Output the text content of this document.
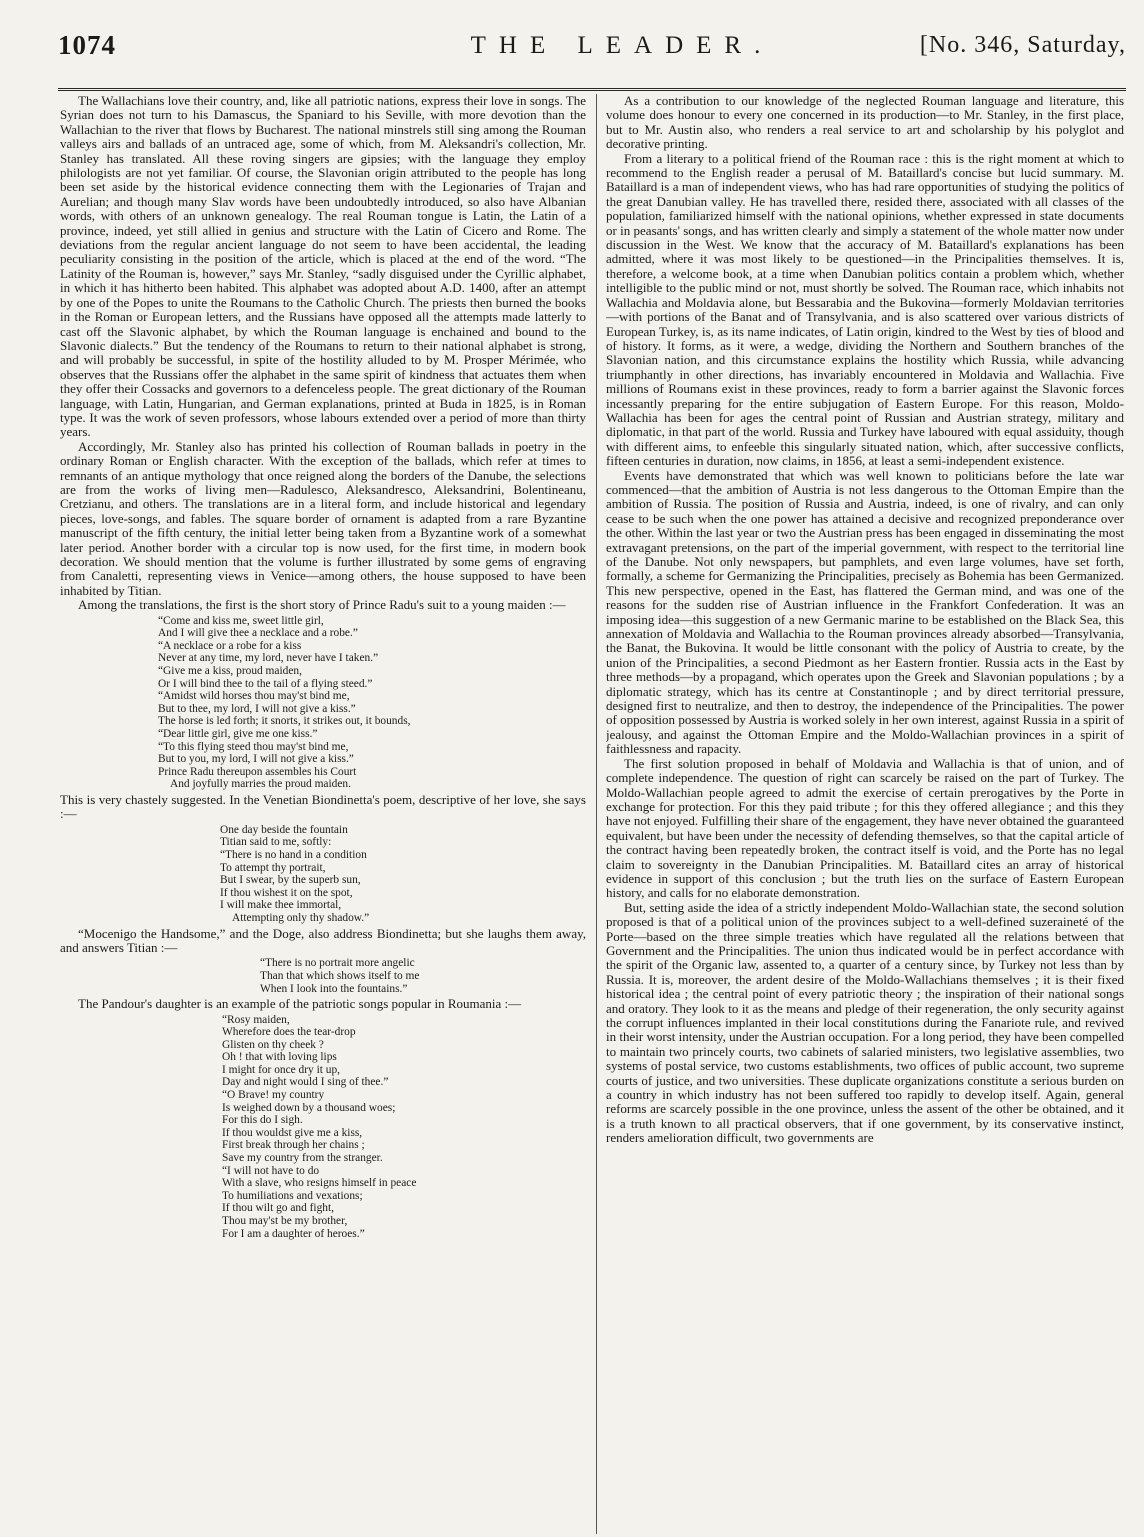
1074	THE LEADER.	[No. 346, Saturday,

The Wallachians love their country, and, like all patriotic nations, express their love in songs. The Syrian does not turn to his Damascus, the Spaniard to his Seville, with more devotion than the Wallachian to the river that flows by Bucharest. The national minstrels still sing among the Rouman valleys airs and ballads of an untraced age, some of which, from M. Aleksandri's collection, Mr. Stanley has translated. All these roving singers are gipsies; with the language they employ philologists are not yet familiar. Of course, the Slavonian origin attributed to the people has long been set aside by the historical evidence connecting them with the Legionaries of Trajan and Aurelian; and though many Slav words have been undoubtedly introduced, so also have Albanian words, with others of an unknown genealogy. The real Rouman tongue is Latin, the Latin of a province, indeed, yet still allied in genius and structure with the Latin of Cicero and Rome. The deviations from the regular ancient language do not seem to have been accidental, the leading peculiarity consisting in the position of the article, which is placed at the end of the word. “The Latinity of the Rouman is, however,” says Mr. Stanley, “sadly disguised under the Cyrillic alphabet, in which it has hitherto been habited. This alphabet was adopted about A.D. 1400, after an attempt by one of the Popes to unite the Roumans to the Catholic Church. The priests then burned the books in the Roman or European letters, and the Russians have opposed all the attempts made latterly to cast off the Slavonic alphabet, by which the Rouman language is enchained and bound to the Slavonic dialects.” But the tendency of the Roumans to return to their national alphabet is strong, and will probably be successful, in spite of the hostility alluded to by M. Prosper Mérimée, who observes that the Russians offer the alphabet in the same spirit of kindness that actuates them when they offer their Cossacks and governors to a defenceless people. The great dictionary of the Rouman language, with Latin, Hungarian, and German explanations, printed at Buda in 1825, is in Roman type. It was the work of seven professors, whose labours extended over a period of more than thirty years.

Accordingly, Mr. Stanley also has printed his collection of Rouman ballads in poetry in the ordinary Roman or English character. With the exception of the ballads, which refer at times to remnants of an antique mythology that once reigned along the borders of the Danube, the selections are from the works of living men—Radulesco, Aleksandresco, Aleksandrini, Bolentineanu, Cretzianu, and others. The translations are in a literal form, and include historical and legendary pieces, love-songs, and fables. The square border of ornament is adapted from a rare Byzantine manuscript of the fifth century, the initial letter being taken from a Byzantine work of a somewhat later period. Another border with a circular top is now used, for the first time, in modern book decoration. We should mention that the volume is further illustrated by some gems of engraving from Canaletti, representing views in Venice—among others, the house supposed to have been inhabited by Titian.

Among the translations, the first is the short story of Prince Radu's suit to a young maiden :—

“Come and kiss me, sweet little girl,
And I will give thee a necklace and a robe.”
“A necklace or a robe for a kiss
Never at any time, my lord, never have I taken.”
“Give me a kiss, proud maiden,
Or I will bind thee to the tail of a flying steed.”
“Amidst wild horses thou may'st bind me,
But to thee, my lord, I will not give a kiss.”
The horse is led forth; it snorts, it strikes out, it bounds,
“Dear little girl, give me one kiss.”
“To this flying steed thou may'st bind me,
But to you, my lord, I will not give a kiss.”
Prince Radu thereupon assembles his Court
And joyfully marries the proud maiden.

This is very chastely suggested. In the Venetian Biondinetta's poem, descriptive of her love, she says :—

One day beside the fountain
Titian said to me, softly:
“There is no hand in a condition
To attempt thy portrait,
But I swear, by the superb sun,
If thou wishest it on the spot,
I will make thee immortal,
Attempting only thy shadow.”

“Mocenigo the Handsome,” and the Doge, also address Biondinetta; but she laughs them away, and answers Titian :—

“There is no portrait more angelic
Than that which shows itself to me
When I look into the fountains.”

The Pandour's daughter is an example of the patriotic songs popular in Roumania :—

“Rosy maiden,
Wherefore does the tear-drop
Glisten on thy cheek ?
Oh ! that with loving lips
I might for once dry it up,
Day and night would I sing of thee.”
“O Brave! my country
Is weighed down by a thousand woes;
For this do I sigh.
If thou wouldst give me a kiss,
First break through her chains ;
Save my country from the stranger.
“I will not have to do
With a slave, who resigns himself in peace
To humiliations and vexations;
If thou wilt go and fight,
Thou may'st be my brother,
For I am a daughter of heroes.”

As a contribution to our knowledge of the neglected Rouman language and literature, this volume does honour to every one concerned in its production—to Mr. Stanley, in the first place, but to Mr. Austin also, who renders a real service to art and scholarship by his polyglot and decorative printing.

From a literary to a political friend of the Rouman race : this is the right moment at which to recommend to the English reader a perusal of M. Bataillard's concise but lucid summary. M. Bataillard is a man of independent views, who has had rare opportunities of studying the politics of the great Danubian valley. He has travelled there, resided there, associated with all classes of the population, familiarized himself with the national opinions, whether expressed in state documents or in peasants' songs, and has written clearly and simply a statement of the whole matter now under discussion in the West. We know that the accuracy of M. Bataillard's explanations has been admitted, where it was most likely to be questioned—in the Principalities themselves. It is, therefore, a welcome book, at a time when Danubian politics contain a problem which, whether intelligible to the public mind or not, must shortly be solved. The Rouman race, which inhabits not Wallachia and Moldavia alone, but Bessarabia and the Bukovina—formerly Moldavian territories—with portions of the Banat and of Transylvania, and is also scattered over various districts of European Turkey, is, as its name indicates, of Latin origin, kindred to the West by ties of blood and of history. It forms, as it were, a wedge, dividing the Northern and Southern branches of the Slavonian nation, and this circumstance explains the hostility which Russia, while advancing triumphantly in other directions, has invariably encountered in Moldavia and Wallachia. Five millions of Roumans exist in these provinces, ready to form a barrier against the Slavonic forces incessantly preparing for the entire subjugation of Eastern Europe. For this reason, Moldo-Wallachia has been for ages the central point of Russian and Austrian strategy, military and diplomatic, in that part of the world. Russia and Turkey have laboured with equal assiduity, though with different aims, to enfeeble this singularly situated nation, which, after successive conflicts, fifteen centuries in duration, now claims, in 1856, at least a semi-independent existence.

Events have demonstrated that which was well known to politicians before the late war commenced—that the ambition of Austria is not less dangerous to the Ottoman Empire than the ambition of Russia. The position of Russia and Austria, indeed, is one of rivalry, and can only cease to be such when the one power has attained a decisive and recognized preponderance over the other. Within the last year or two the Austrian press has been engaged in disseminating the most extravagant pretensions, on the part of the imperial government, with respect to the territorial line of the Danube. Not only newspapers, but pamphlets, and even large volumes, have set forth, formally, a scheme for Germanizing the Principalities, precisely as Bohemia has been Germanized. This new perspective, opened in the East, has flattered the German mind, and was one of the reasons for the sudden rise of Austrian influence in the Frankfort Confederation. It was an imposing idea—this suggestion of a new Germanic marine to be established on the Black Sea, this annexation of Moldavia and Wallachia to the Rouman provinces already absorbed—Transylvania, the Banat, the Bukovina. It would be little consonant with the policy of Austria to create, by the union of the Principalities, a second Piedmont as her Eastern frontier. Russia acts in the East by three methods—by a propagand, which operates upon the Greek and Slavonian populations ; by a diplomatic strategy, which has its centre at Constantinople ; and by direct territorial pressure, designed first to neutralize, and then to destroy, the independence of the Principalities. The power of opposition possessed by Austria is worked solely in her own interest, against Russia in a spirit of jealousy, and against the Ottoman Empire and the Moldo-Wallachian provinces in a spirit of faithlessness and rapacity.

The first solution proposed in behalf of Moldavia and Wallachia is that of union, and of complete independence. The question of right can scarcely be raised on the part of Turkey. The Moldo-Wallachian people agreed to admit the exercise of certain prerogatives by the Porte in exchange for protection. For this they paid tribute ; for this they offered allegiance ; and this they have not enjoyed. Fulfilling their share of the engagement, they have never obtained the guaranteed equivalent, but have been under the necessity of defending themselves, so that the capital article of the contract having been repeatedly broken, the contract itself is void, and the Porte has no legal claim to sovereignty in the Danubian Principalities. M. Bataillard cites an array of historical evidence in support of this conclusion ; but the truth lies on the surface of Eastern European history, and calls for no elaborate demonstration.

But, setting aside the idea of a strictly independent Moldo-Wallachian state, the second solution proposed is that of a political union of the provinces subject to a well-defined suzeraineté of the Porte—based on the three simple treaties which have regulated all the relations between that Government and the Principalities. The union thus indicated would be in perfect accordance with the spirit of the Organic law, assented to, a quarter of a century since, by Turkey not less than by Russia. It is, moreover, the ardent desire of the Moldo-Wallachians themselves ; it is their fixed historical idea ; the central point of every patriotic theory ; the inspiration of their national songs and oratory. They look to it as the means and pledge of their regeneration, the only security against the corrupt influences implanted in their local constitutions during the Fanariote rule, and revived in their worst intensity, under the Austrian occupation. For a long period, they have been compelled to maintain two princely courts, two cabinets of salaried ministers, two legislative assemblies, two systems of postal service, two customs establishments, two offices of public account, two supreme courts of justice, and two universities. These duplicate organizations constitute a serious burden on a country in which industry has not been suffered too rapidly to develop itself. Again, general reforms are scarcely possible in the one province, unless the assent of the other be obtained, and it is a truth known to all practical observers, that if one government, by its conservative instinct, renders amelioration difficult, two governments are
